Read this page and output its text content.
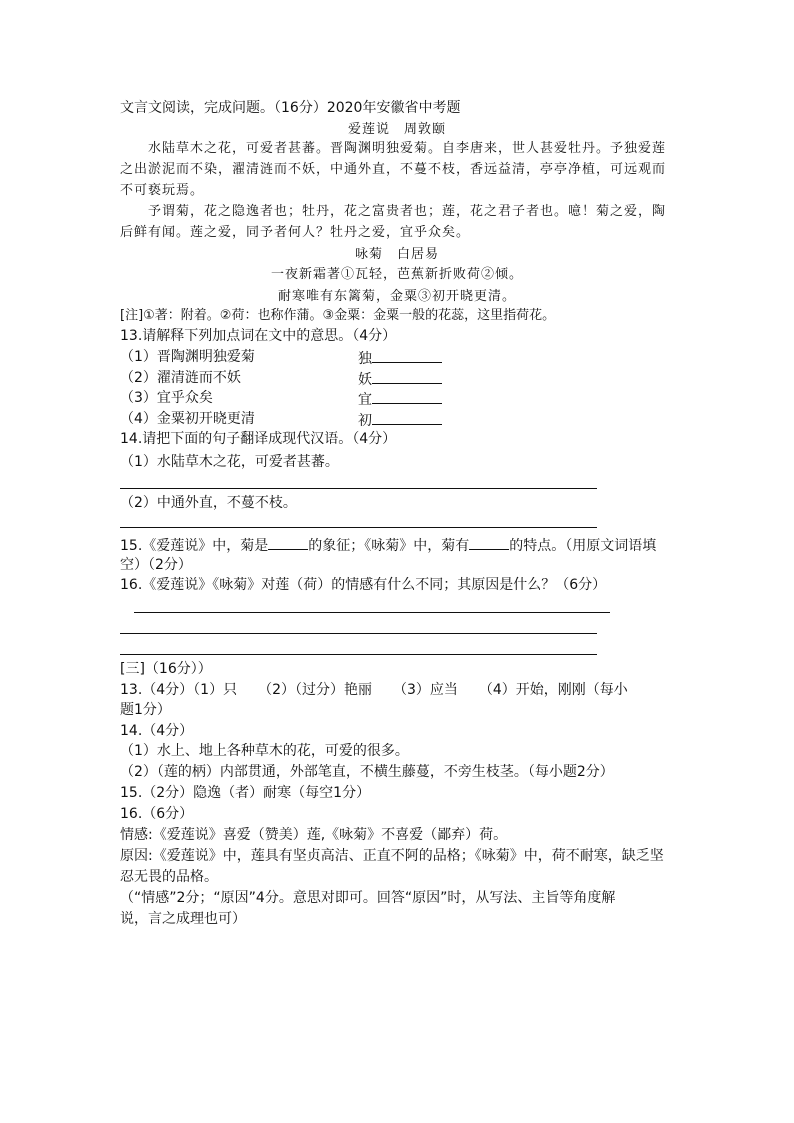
文言文阅读，完成问题。（16分）2020年安徽省中考题
爱莲说　周敦颐
水陆草木之花，可爱者甚蕃。晋陶渊明独爱菊。自李唐来，世人甚爱牡丹。予独爱莲
之出淤泥而不染，濯清涟而不妖，中通外直，不蔓不枝，香远益清，亭亭净植，可远观而
不可亵玩焉。
予谓菊，花之隐逸者也；牡丹，花之富贵者也；莲，花之君子者也。噫！菊之爱，陶
后鲜有闻。莲之爱，同予者何人？牡丹之爱，宜乎众矣。
咏菊　白居易
一夜新霜著①瓦轻，芭蕉新折败荷②倾。
耐寒唯有东篱菊，金粟③初开晓更清。
[注]①著：附着。②荷：也称作蒲。③金粟：金粟一般的花蕊，这里指荷花。
13.请解释下列加点词在文中的意思。（4分）
（1）晋陶渊明独爱菊	独
（2）濯清涟而不妖	妖
（3）宜乎众矣	宜
（4）金粟初开晓更清	初
14.请把下面的句子翻译成现代汉语。（4分）
（1）水陆草木之花，可爱者甚蕃。
（2）中通外直，不蔓不枝。
15.《爱莲说》中，菊是	的象征；《咏菊》中，菊有	的特点。（用原文词语填
空）（2分）
16.《爱莲说》《咏菊》对莲（荷）的情感有什么不同；其原因是什么？（6分）
[三]（16分））
13.（4分）（1）只　　（2）（过分）艳丽　　（3）应当　　（4）开始，刚刚（每小
题1分）
14.（4分）
（1）水上、地上各种草木的花，可爱的很多。
（2）（莲的柄）内部贯通，外部笔直，不横生藤蔓，不旁生枝茎。（每小题2分）
15.（2分）隐逸（者）耐寒（每空1分）
16.（6分）
情感:《爱莲说》喜爱（赞美）莲,《咏菊》不喜爱（鄙弃）荷。
原因:《爱莲说》中，莲具有坚贞高洁、正直不阿的品格；《咏菊》中，荷不耐寒，缺乏坚
忍无畏的品格。
（“情感”2分；“原因”4分。意思对即可。回答“原因”时，从写法、主旨等角度解
说，言之成理也可）
